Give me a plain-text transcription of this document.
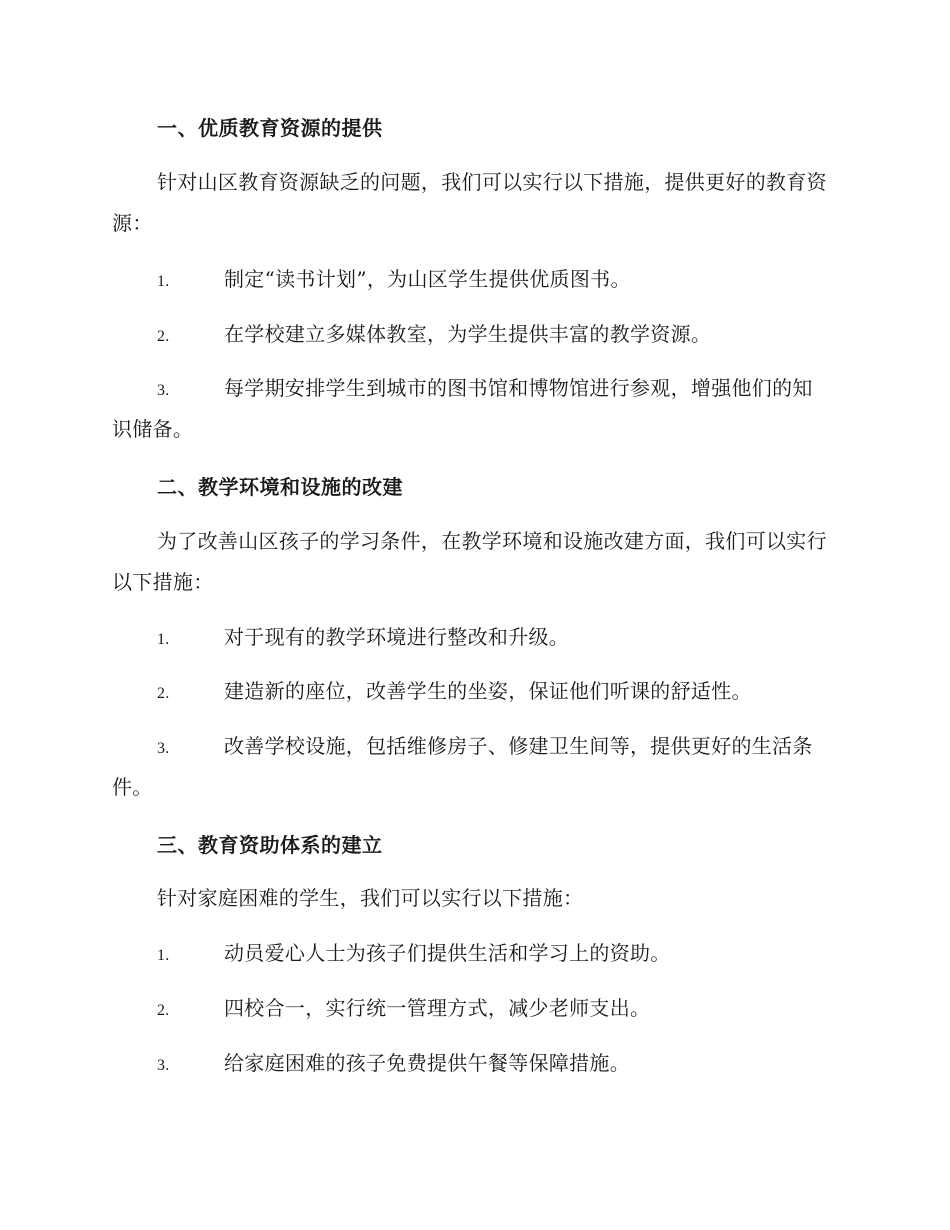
一、优质教育资源的提供
针对山区教育资源缺乏的问题，我们可以实行以下措施，提供更好的教育资源：
1.	制定“读书计划”，为山区学生提供优质图书。
2.	在学校建立多媒体教室，为学生提供丰富的教学资源。
3.	每学期安排学生到城市的图书馆和博物馆进行参观，增强他们的知识储备。
二、教学环境和设施的改建
为了改善山区孩子的学习条件，在教学环境和设施改建方面，我们可以实行以下措施：
1.	对于现有的教学环境进行整改和升级。
2.	建造新的座位，改善学生的坐姿，保证他们听课的舒适性。
3.	改善学校设施，包括维修房子、修建卫生间等，提供更好的生活条件。
三、教育资助体系的建立
针对家庭困难的学生，我们可以实行以下措施：
1.	动员爱心人士为孩子们提供生活和学习上的资助。
2.	四校合一，实行统一管理方式，减少老师支出。
3.	给家庭困难的孩子免费提供午餐等保障措施。
